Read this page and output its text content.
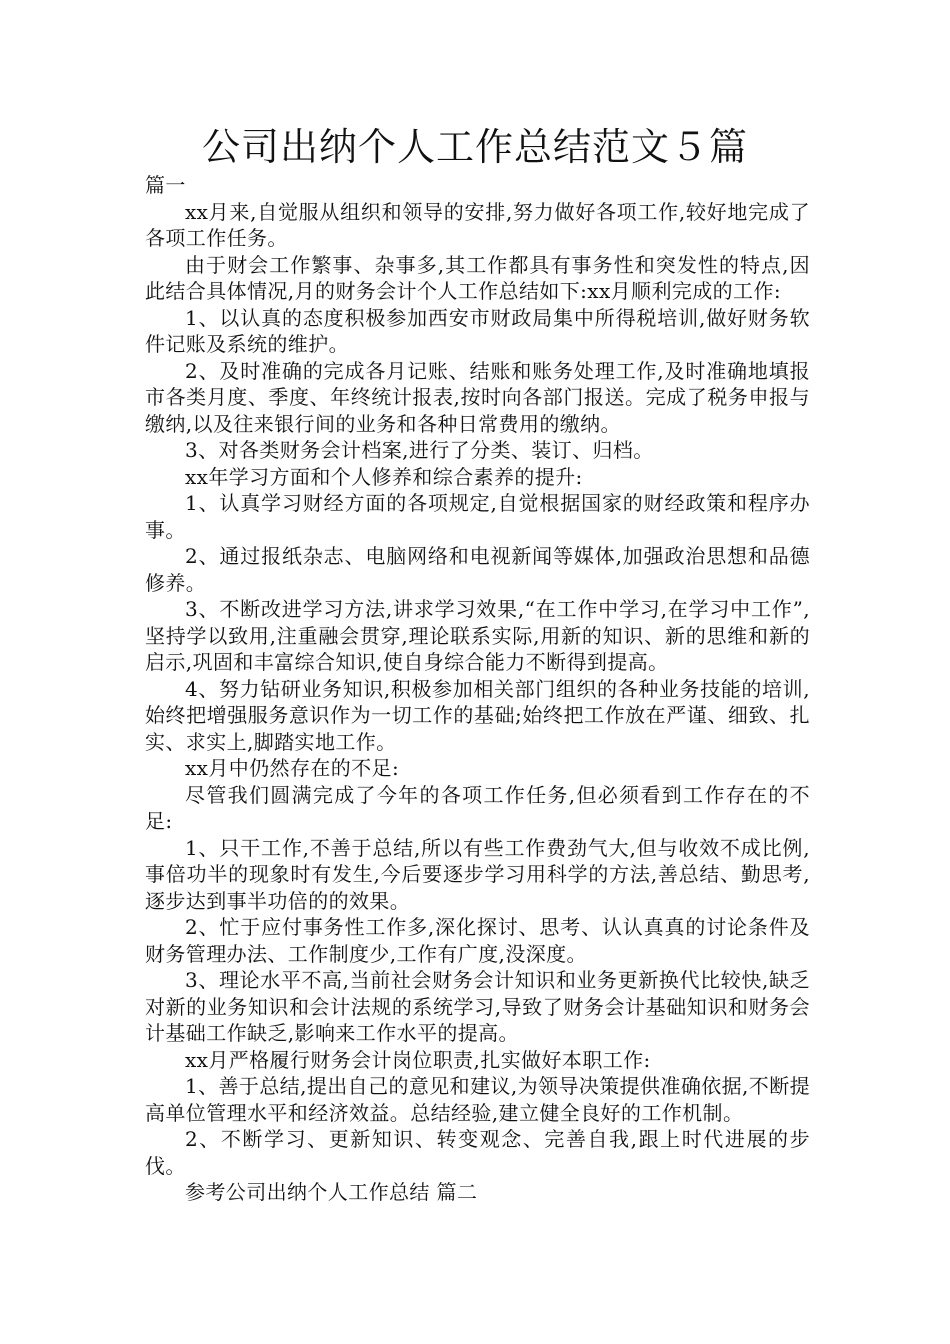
公司出纳个人工作总结范文５篇

篇一

xx月来,自觉服从组织和领导的安排,努力做好各项工作,较好地完成了各项工作任务。

由于财会工作繁事、杂事多,其工作都具有事务性和突发性的特点,因此结合具体情况,月的财务会计个人工作总结如下:xx月顺利完成的工作:

1、以认真的态度积极参加西安市财政局集中所得税培训,做好财务软件记账及系统的维护。

2、及时准确的完成各月记账、结账和账务处理工作,及时准确地填报市各类月度、季度、年终统计报表,按时向各部门报送。完成了税务申报与缴纳,以及往来银行间的业务和各种日常费用的缴纳。

3、对各类财务会计档案,进行了分类、装订、归档。

xx年学习方面和个人修养和综合素养的提升:

1、认真学习财经方面的各项规定,自觉根据国家的财经政策和程序办事。

2、通过报纸杂志、电脑网络和电视新闻等媒体,加强政治思想和品德修养。

3、不断改进学习方法,讲求学习效果,“在工作中学习,在学习中工作”,坚持学以致用,注重融会贯穿,理论联系实际,用新的知识、新的思维和新的启示,巩固和丰富综合知识,使自身综合能力不断得到提高。

4、努力钻研业务知识,积极参加相关部门组织的各种业务技能的培训,始终把增强服务意识作为一切工作的基础;始终把工作放在严谨、细致、扎实、求实上,脚踏实地工作。

xx月中仍然存在的不足:

尽管我们圆满完成了今年的各项工作任务,但必须看到工作存在的不足:

1、只干工作,不善于总结,所以有些工作费劲气大,但与收效不成比例,事倍功半的现象时有发生,今后要逐步学习用科学的方法,善总结、勤思考,逐步达到事半功倍的的效果。

2、忙于应付事务性工作多,深化探讨、思考、认认真真的讨论条件及财务管理办法、工作制度少,工作有广度,没深度。

3、理论水平不高,当前社会财务会计知识和业务更新换代比较快,缺乏对新的业务知识和会计法规的系统学习,导致了财务会计基础知识和财务会计基础工作缺乏,影响来工作水平的提高。

xx月严格履行财务会计岗位职责,扎实做好本职工作:

1、善于总结,提出自己的意见和建议,为领导决策提供准确依据,不断提高单位管理水平和经济效益。总结经验,建立健全良好的工作机制。

2、不断学习、更新知识、转变观念、完善自我,跟上时代进展的步伐。

参考公司出纳个人工作总结 篇二
